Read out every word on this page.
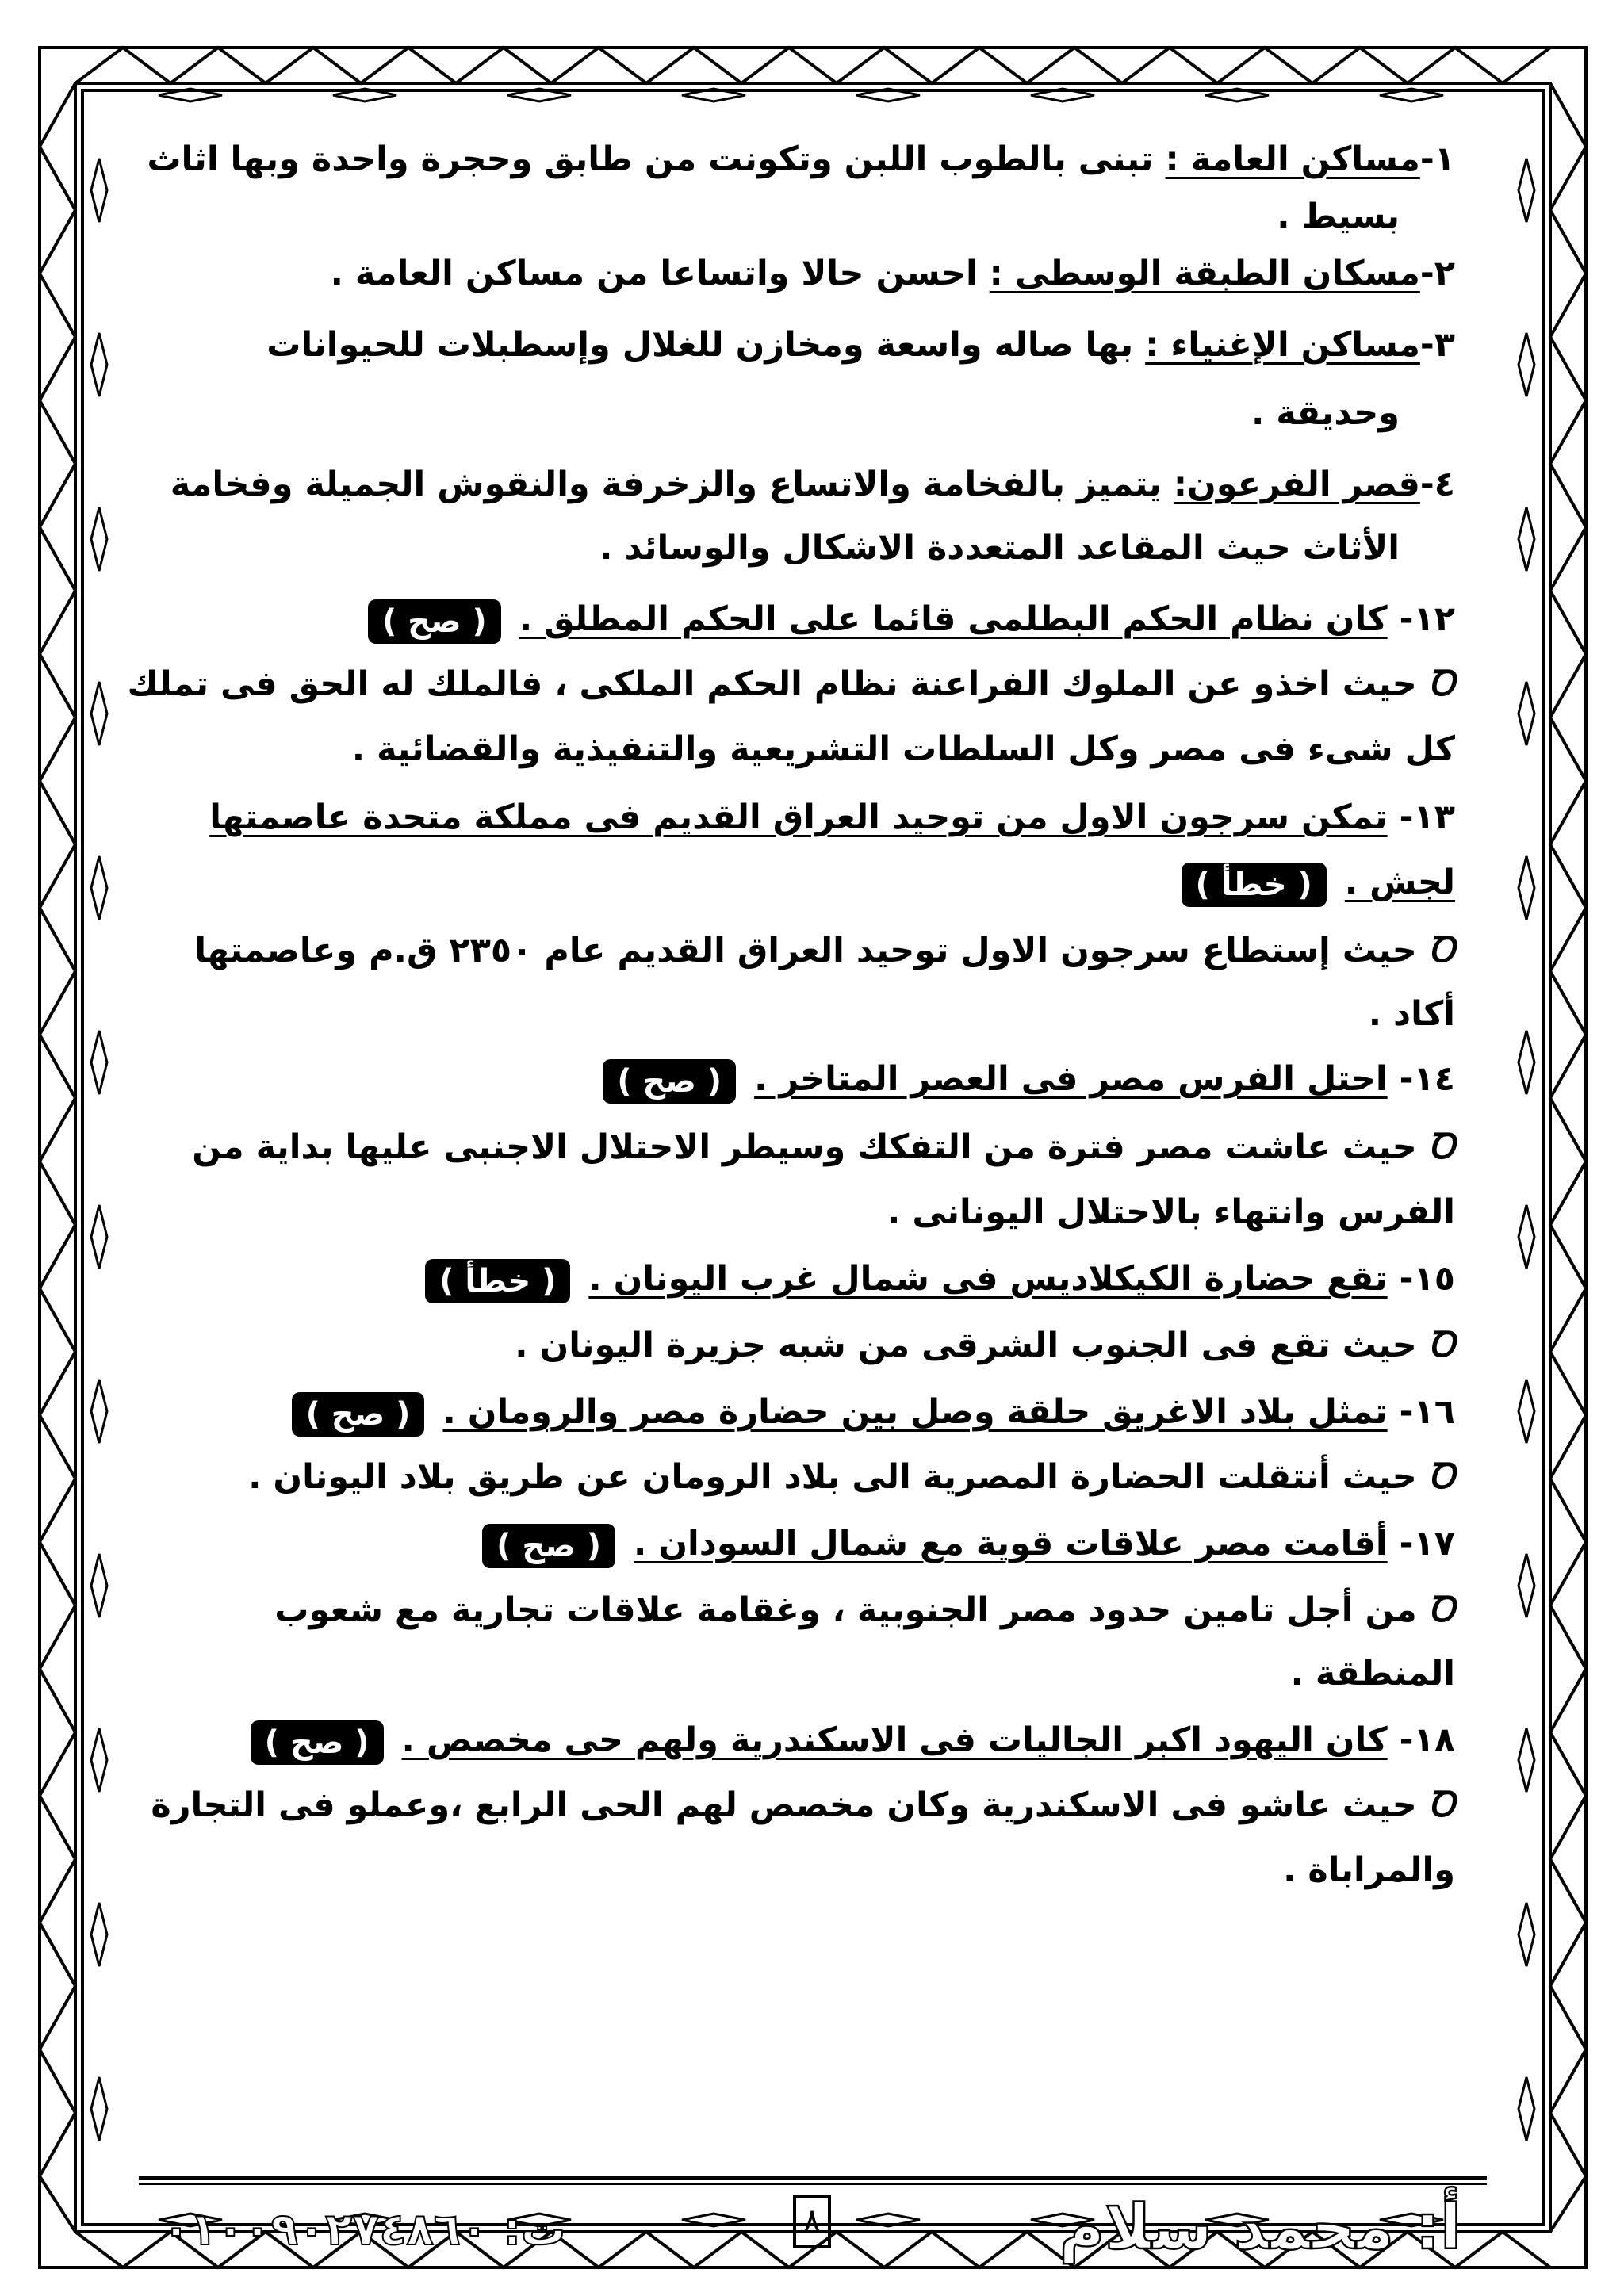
١-مساكن العامة : تبنى بالطوب اللبن وتكونت من طابق وحجرة واحدة وبها اثاث
بسيط .
٢-مسكان الطبقة الوسطى : احسن حالا واتساعا من مساكن العامة .
٣-مساكن الإغنياء : بها صاله واسعة ومخازن للغلال وإسطبلات للحيوانات
وحديقة .
٤-قصر الفرعون: يتميز بالفخامة والاتساع والزخرفة والنقوش الجميلة وفخامة
الأثاث حيث المقاعد المتعددة الاشكال والوسائد .
١٢- كان نظام الحكم البطلمى قائما على الحكم المطلق . ( صح )
Ꝺحيث اخذو عن الملوك الفراعنة نظام الحكم الملكى ، فالملك له الحق فى تملك
كل شىء فى مصر وكل السلطات التشريعية والتنفيذية والقضائية .
١٣- تمكن سرجون الاول من توحيد العراق القديم فى مملكة متحدة عاصمتها
لجش . ( خطأ )
Ꝺحيث إستطاع سرجون الاول توحيد العراق القديم عام ٢٣٥٠ ق.م وعاصمتها
أكاد .
١٤- احتل الفرس مصر فى العصر المتاخر . ( صح )
Ꝺحيث عاشت مصر فترة من التفكك وسيطر الاحتلال الاجنبى عليها بداية من
الفرس وانتهاء بالاحتلال اليونانى .
١٥- تقع حضارة الكيكلاديس فى شمال غرب اليونان . ( خطأ )
Ꝺحيث تقع فى الجنوب الشرقى من شبه جزيرة اليونان .
١٦- تمثل بلاد الاغريق حلقة وصل بين حضارة مصر والرومان . ( صح )
Ꝺحيث أنتقلت الحضارة المصرية الى بلاد الرومان عن طريق بلاد اليونان .
١٧- أقامت مصر علاقات قوية مع شمال السودان . ( صح )
Ꝺمن أجل تامين حدود مصر الجنوبية ، وغقامة علاقات تجارية مع شعوب
المنطقة .
١٨- كان اليهود اكبر الجاليات فى الاسكندرية ولهم حى مخصص . ( صح )
Ꝺحيث عاشو فى الاسكندرية وكان مخصص لهم الحى الرابع ،وعملو فى التجارة
والمراباة .
ت: ٠١٠٠٩٠٢٧٤٨٦٠	٨	أ: محمد سلام
